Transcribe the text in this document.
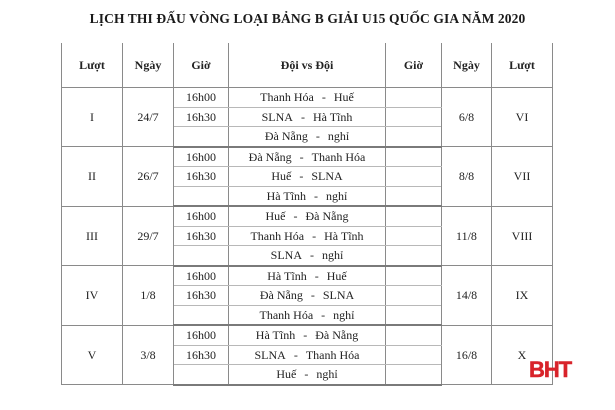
LỊCH THI ĐẤU VÒNG LOẠI BẢNG B GIẢI U15 QUỐC GIA NĂM 2020
Lượt	Ngày	Giờ	Đội vs Đội	Giờ	Ngày	Lượt
I	24/7	16h00	Thanh Hóa - Huế		6/8	VI
		16h30	SLNA - Hà Tĩnh			
			Đà Nẵng - nghỉ			
II	26/7	16h00	Đà Nẵng - Thanh Hóa		8/8	VII
		16h30	Huế - SLNA			
			Hà Tĩnh - nghỉ			
III	29/7	16h00	Huế - Đà Nẵng		11/8	VIII
		16h30	Thanh Hóa - Hà Tĩnh			
			SLNA - nghỉ			
IV	1/8	16h00	Hà Tĩnh - Huế		14/8	IX
		16h30	Đà Nẵng - SLNA			
			Thanh Hóa - nghỉ			
V	3/8	16h00	Hà Tĩnh - Đà Nẵng		16/8	X
		16h30	SLNA - Thanh Hóa			
			Huế - nghỉ				BHT
